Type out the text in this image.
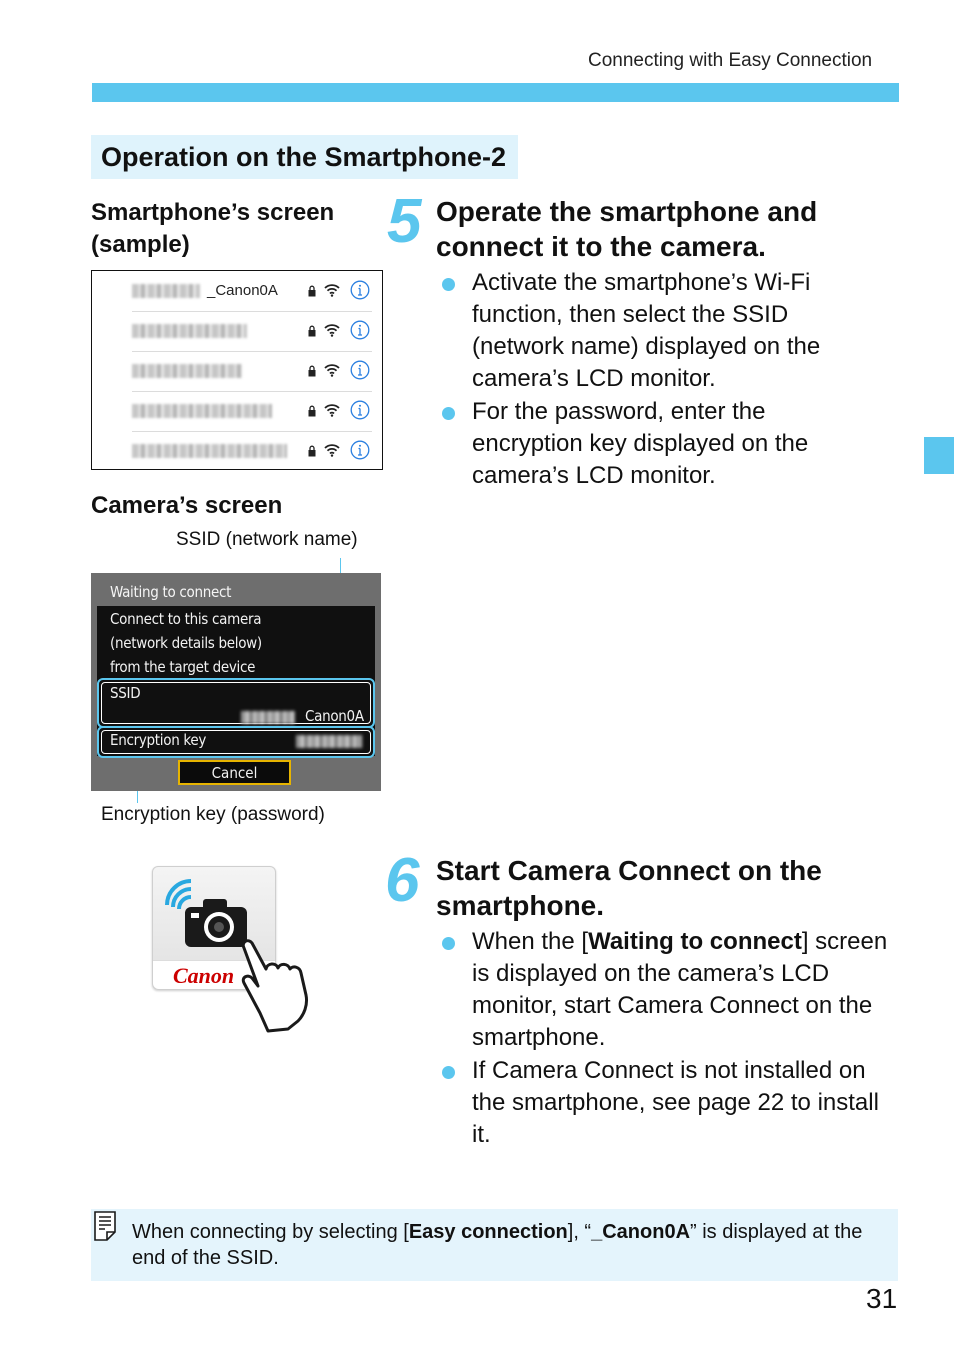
Connecting with Easy Connection
Operation on the Smartphone-2
Smartphone’s screen (sample)
_Canon0A
Camera’s screen
SSID (network name)
Waiting to connect
Connect to this camera
(network details below)
from the target device
SSID
Canon0A
Encryption key
Cancel
Encryption key (password)
Canon
5 Operate the smartphone and connect it to the camera.
Activate the smartphone’s Wi-Fi function, then select the SSID (network name) displayed on the camera’s LCD monitor.
For the password, enter the encryption key displayed on the camera’s LCD monitor.
6 Start Camera Connect on the smartphone.
When the [Waiting to connect] screen is displayed on the camera’s LCD monitor, start Camera Connect on the smartphone.
If Camera Connect is not installed on the smartphone, see page 22 to install it.
When connecting by selecting [Easy connection], “_Canon0A” is displayed at the end of the SSID.
31
